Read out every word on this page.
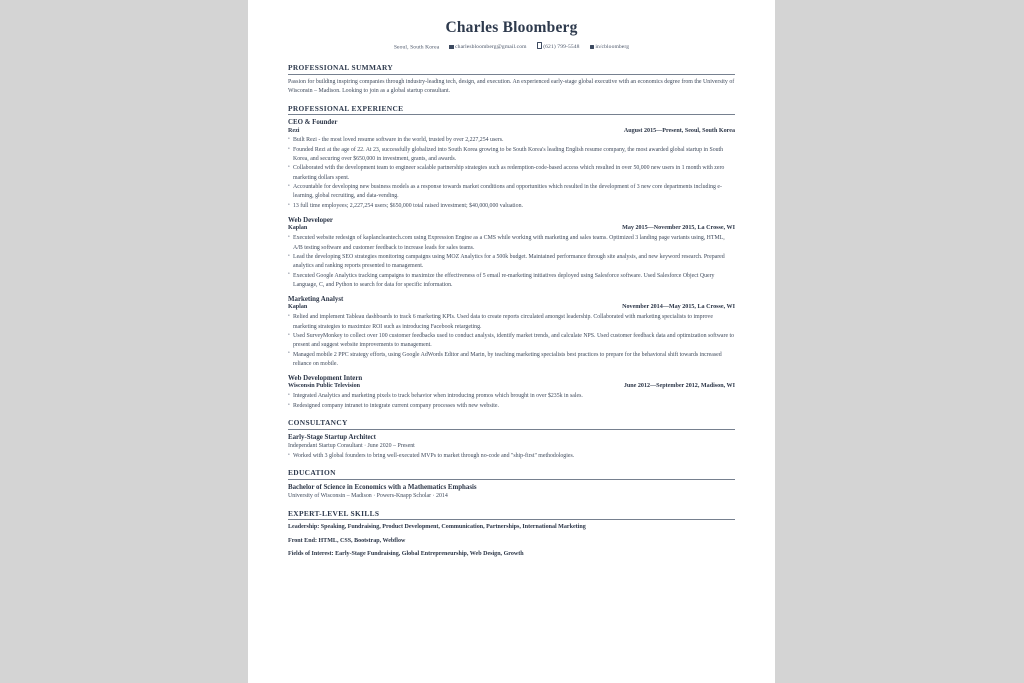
Charles Bloomberg
Seoul, South Korea	charlesbloomberg@gmail.com	(621) 799-5548	in/cbloomberg
PROFESSIONAL SUMMARY
Passion for building inspiring companies through industry-leading tech, design, and execution. An experienced early-stage global executive with an economics degree from the University of Wisconsin – Madison. Looking to join as a global startup consultant.
PROFESSIONAL EXPERIENCE
CEO & Founder
Rezi	August 2015—Present, Seoul, South Korea
• Built Rezi - the most loved resume software in the world, trusted by over 2,227,254 users.
• Founded Rezi at the age of 22. At 23, successfully globalized into South Korea growing to be South Korea's leading English resume company, the most awarded global startup in South Korea, and securing over $650,000 in investment, grants, and awards.
• Collaborated with the development team to engineer scalable partnership strategies such as redemption-code-based access which resulted in over 50,000 new users in 1 month with zero marketing dollars spent.
• Accountable for developing new business models as a response towards market conditions and opportunities which resulted in the development of 3 new core departments including e-learning, global recruiting, and data-vending.
• 13 full time employees; 2,227,254 users; $650,000 total raised investment; $40,000,000 valuation.
Web Developer
Kaplan	May 2015—November 2015, La Crosse, WI
• Executed website redesign of kaplancleantech.com using Expression Engine as a CMS while working with marketing and sales teams. Optimized 3 landing page variants using, HTML, A/B testing software and customer feedback to increase leads for sales teams.
• Lead the developing SEO strategies monitoring campaigns using MOZ Analytics for a 500k budget. Maintained performance through site analysis, and new keyword research. Prepared analytics and ranking reports presented to management.
• Executed Google Analytics tracking campaigns to maximize the effectiveness of 5 email re-marketing initiatives deployed using Salesforce software. Used Salesforce Object Query Language, C, and Python to search for data for specific information.
Marketing Analyst
Kaplan	November 2014—May 2015, La Crosse, WI
• Relied and implement Tableau dashboards to track 6 marketing KPIs. Used data to create reports circulated amongst leadership. Collaborated with marketing specialists to improve marketing strategies to maximize ROI such as introducing Facebook retargeting.
• Used SurveyMonkey to collect over 100 customer feedbacks used to conduct analysis, identify market trends, and calculate NPS. Used customer feedback data and optimization software to present and suggest website improvements to management.
• Managed mobile 2 PPC strategy efforts, using Google AdWords Editor and Marin, by teaching marketing specialists best practices to prepare for the behavioral shift towards increased reliance on mobile.
Web Development Intern
Wisconsin Public Television	June 2012—September 2012, Madison, WI
• Integrated Analytics and marketing pixels to track behavior when introducing promos which brought in over $235k in sales.
• Redesigned company intranet to integrate current company processes with new website.
CONSULTANCY
Early-Stage Startup Architect
Independant Startup Consultant · June 2020 – Present
• Worked with 3 global founders to bring well-executed MVPs to market through no-code and "ship-first" methodologies.
EDUCATION
Bachelor of Science in Economics with a Mathematics Emphasis
University of Wisconsin – Madison · Powers-Knapp Scholar · 2014
EXPERT-LEVEL SKILLS
Leadership: Speaking, Fundraising, Product Development, Communication, Partnerships, International Marketing
Front End: HTML, CSS, Bootstrap, Webflow
Fields of Interest: Early-Stage Fundraising, Global Entrepreneurship, Web Design, Growth
